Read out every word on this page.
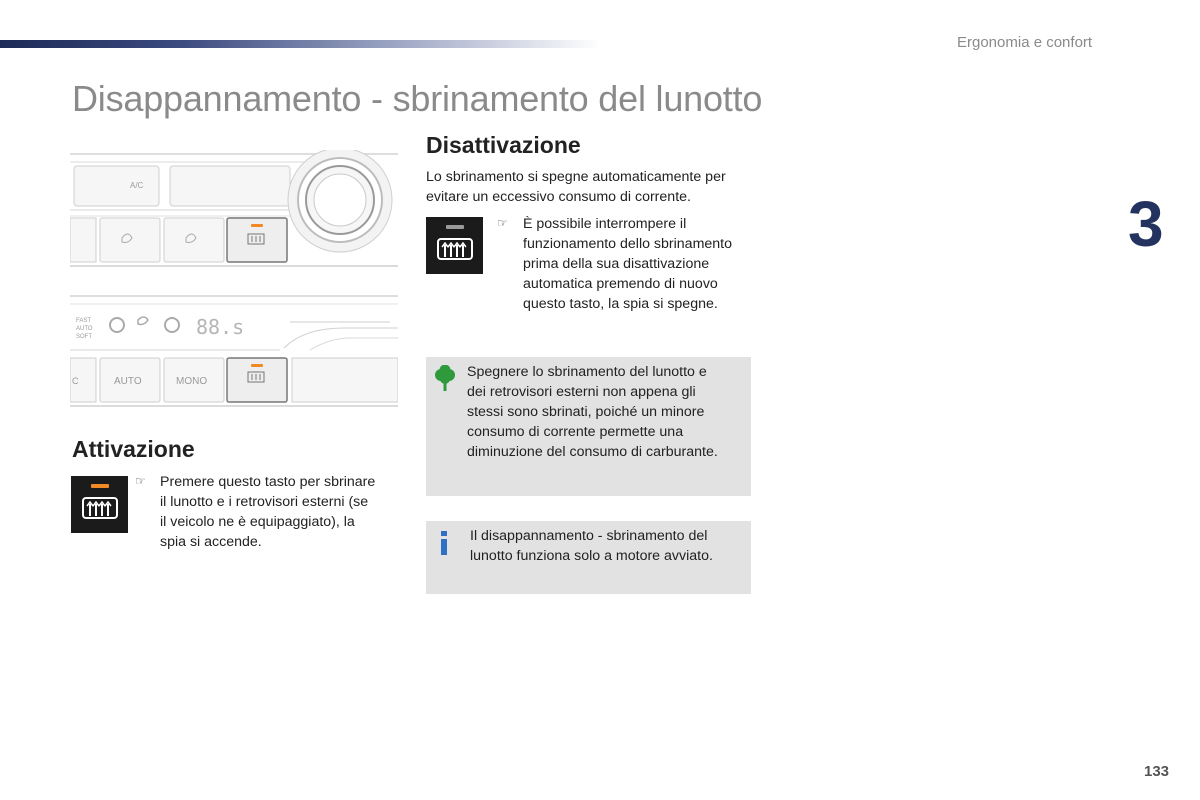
Ergonomia e confort
Disappannamento - sbrinamento del lunotto
3
133
A/C
FAST
AUTO
SOFT	88.s
C	AUTO	MONO
Attivazione
☞ Premere questo tasto per sbrinare
il lunotto e i retrovisori esterni (se
il veicolo ne è equipaggiato), la
spia si accende.
Disattivazione
Lo sbrinamento si spegne automaticamente per
evitare un eccessivo consumo di corrente.
☞ È possibile interrompere il
funzionamento dello sbrinamento
prima della sua disattivazione
automatica premendo di nuovo
questo tasto, la spia si spegne.
Spegnere lo sbrinamento del lunotto e
dei retrovisori esterni non appena gli
stessi sono sbrinati, poiché un minore
consumo di corrente permette una
diminuzione del consumo di carburante.
Il disappannamento - sbrinamento del
lunotto funziona solo a motore avviato.
